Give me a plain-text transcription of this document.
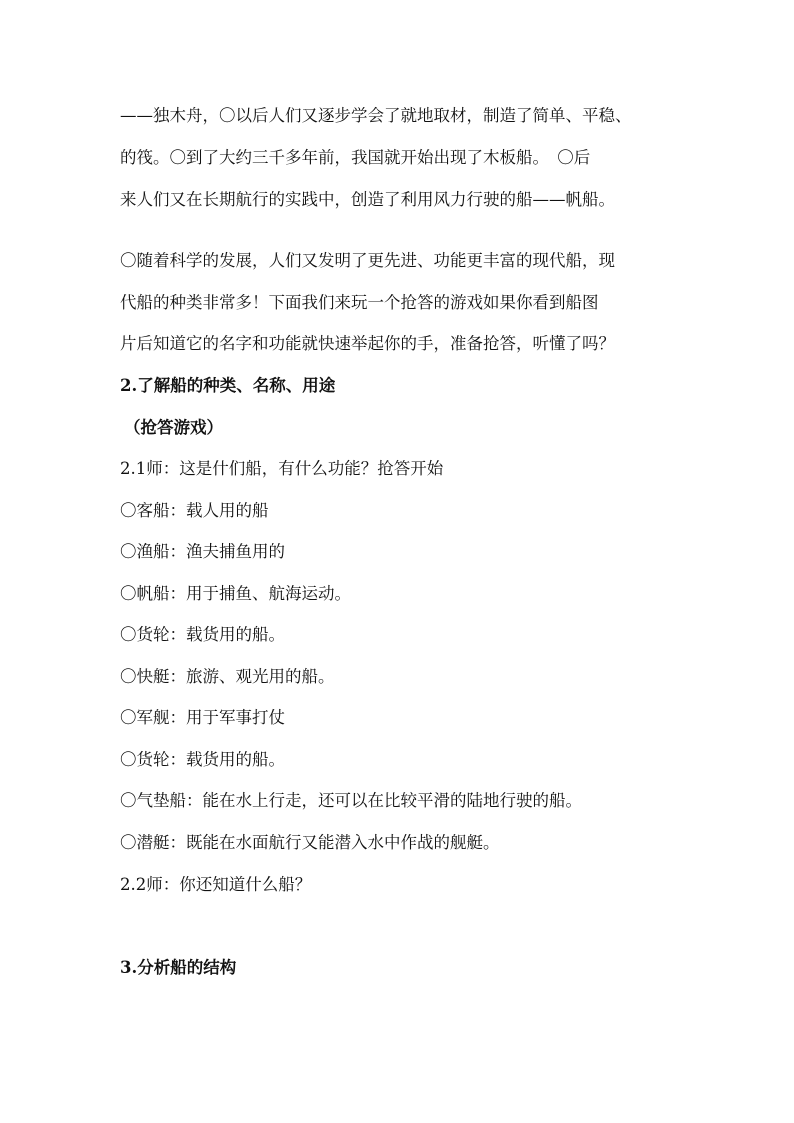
——独木舟，〇以后人们又逐步学会了就地取材，制造了简单、平稳、
的筏。〇到了大约三千多年前，我国就开始出现了木板船。　〇后
来人们又在长期航行的实践中，创造了利用风力行驶的船——帆船。
〇随着科学的发展，人们又发明了更先进、功能更丰富的现代船，现
代船的种类非常多！下面我们来玩一个抢答的游戏如果你看到船图
片后知道它的名字和功能就快速举起你的手，准备抢答，听懂了吗？
2.了解船的种类、名称、用途
（抢答游戏）
2.1师：这是什们船，有什么功能？抢答开始
〇客船：载人用的船
〇渔船：渔夫捕鱼用的
〇帆船：用于捕鱼、航海运动。
〇货轮：载货用的船。
〇快艇：旅游、观光用的船。
〇军舰：用于军事打仗
〇货轮：载货用的船。
〇气垫船：能在水上行走，还可以在比较平滑的陆地行驶的船。
〇潜艇：既能在水面航行又能潜入水中作战的舰艇。
2.2师：你还知道什么船？
3.分析船的结构
